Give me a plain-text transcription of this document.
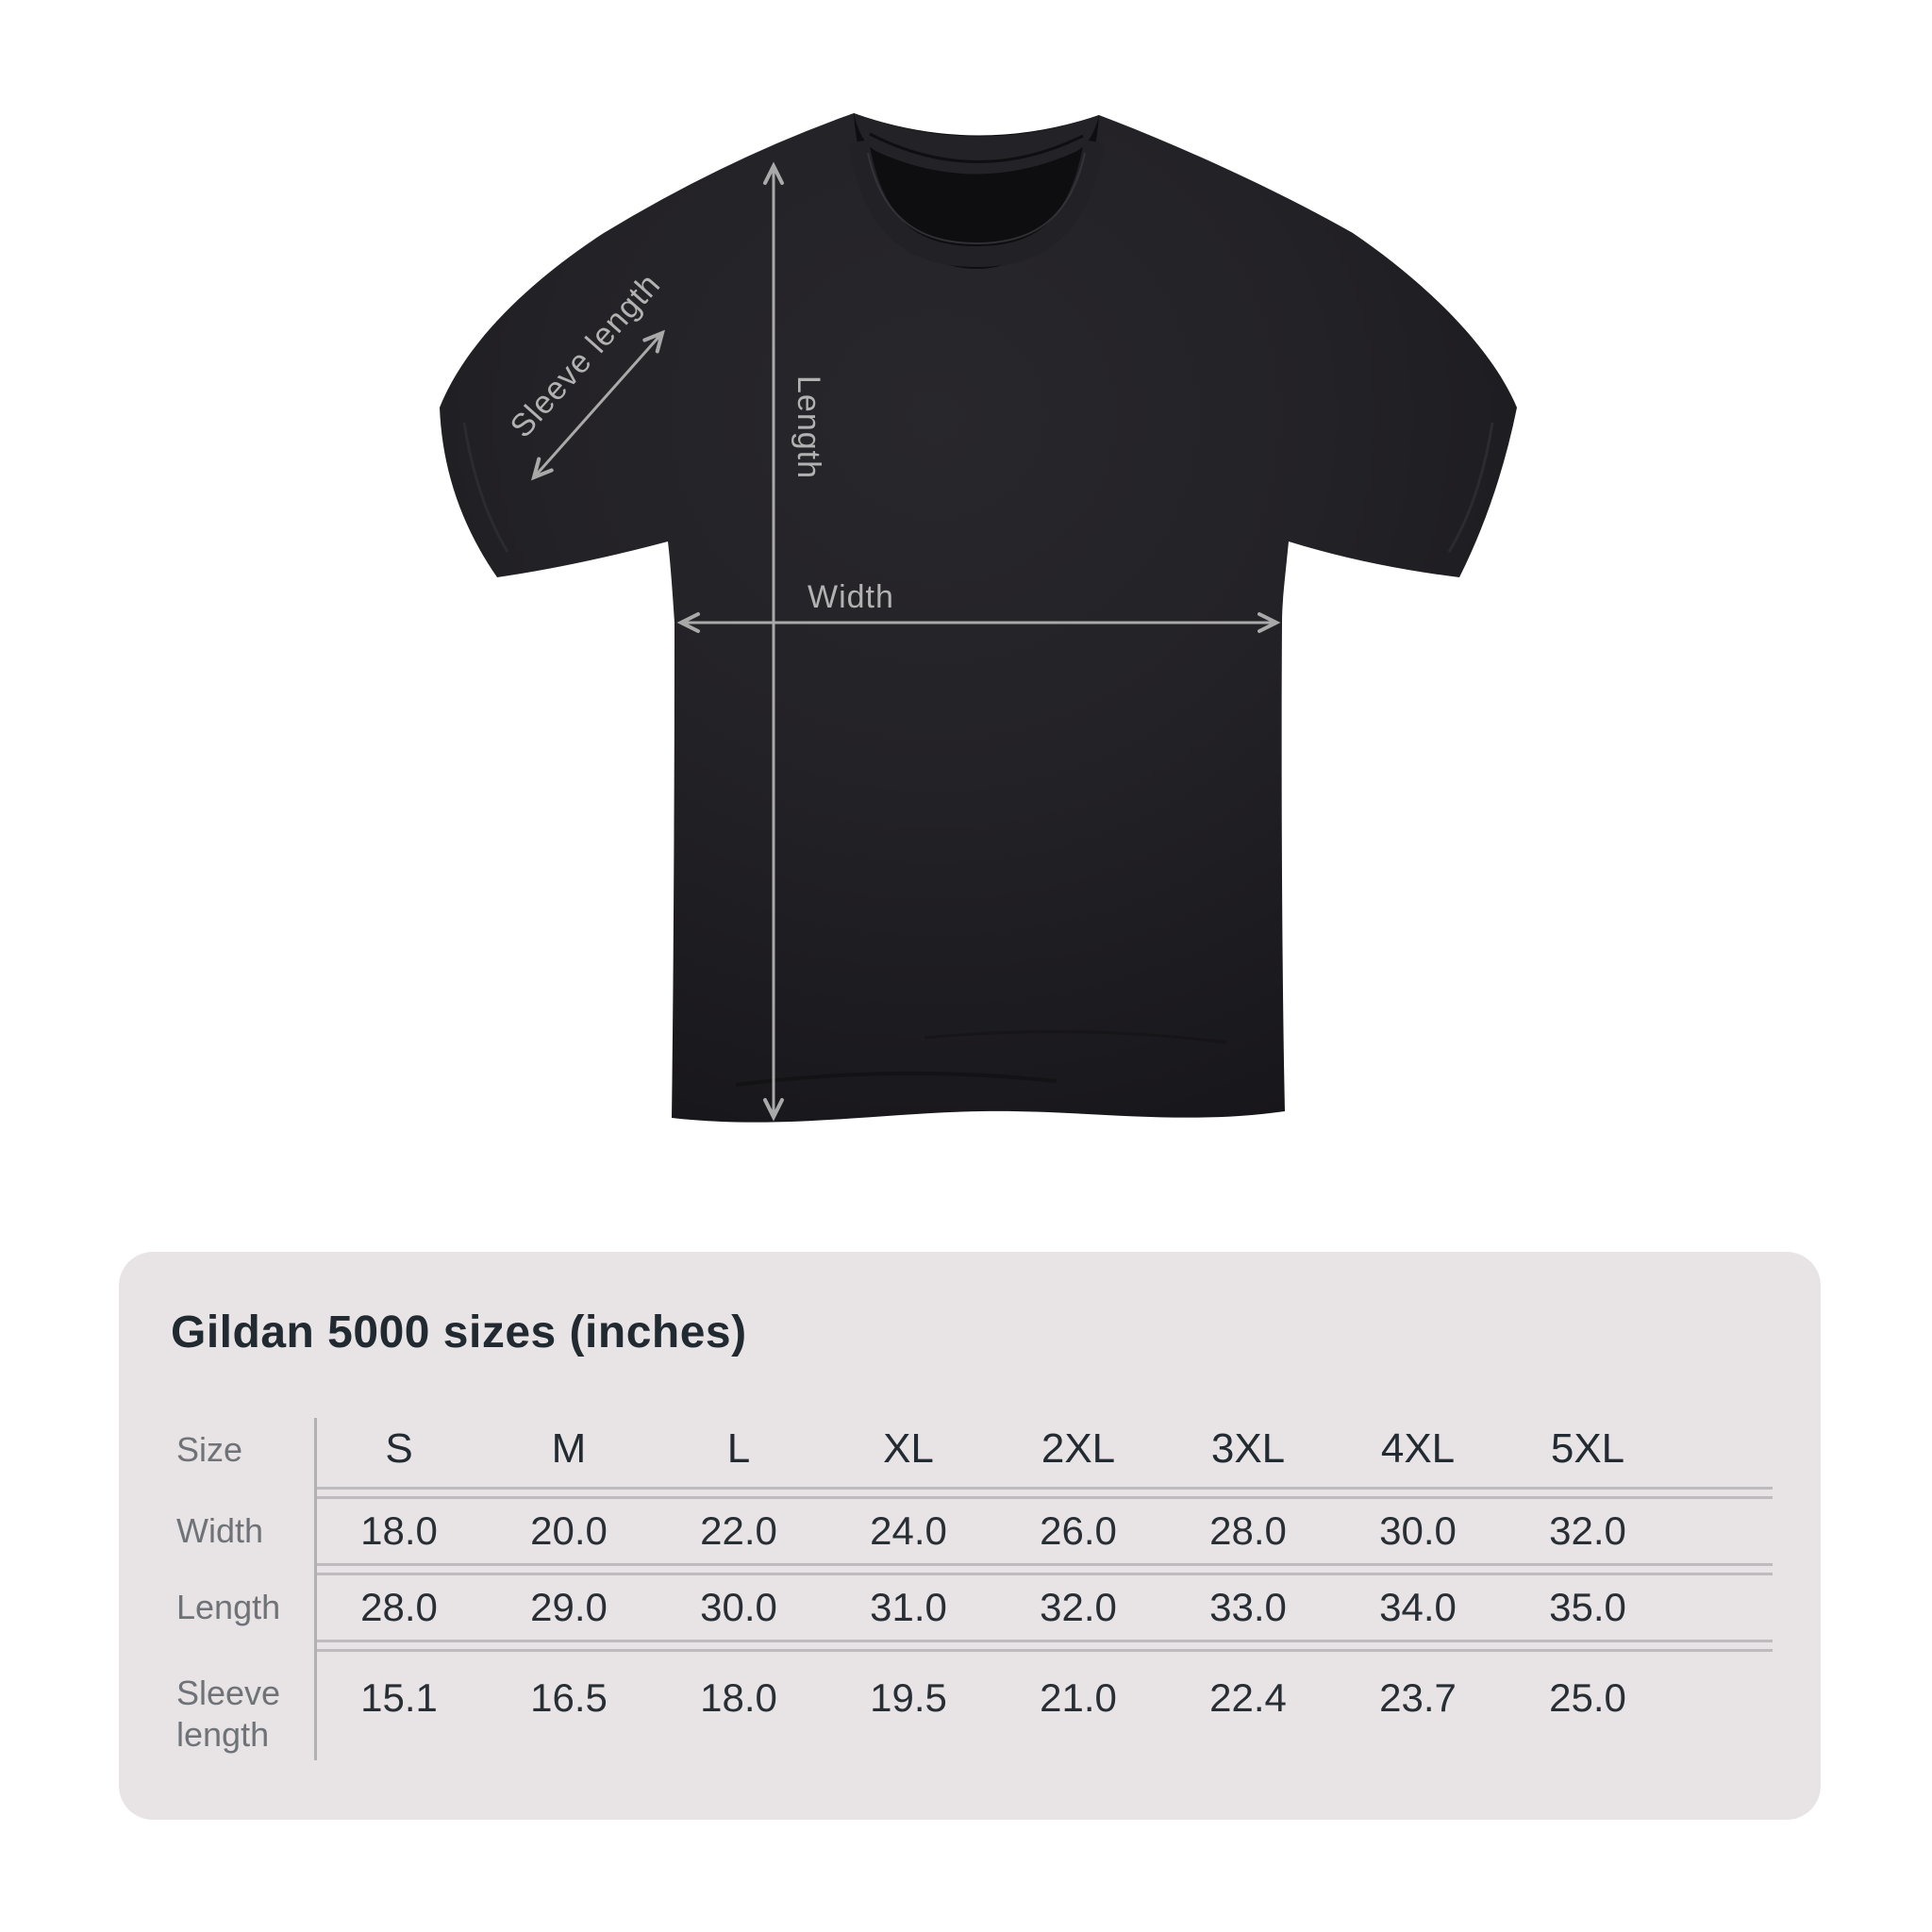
Length
Width
Sleeve length
Gildan 5000 sizes (inches)
Size	S	M	L	XL	2XL	3XL	4XL	5XL	
Width	18.0	20.0	22.0	24.0	26.0	28.0	30.0	32.0	
Length	28.0	29.0	30.0	31.0	32.0	33.0	34.0	35.0	
Sleeve length	15.1	16.5	18.0	19.5	21.0	22.4	23.7	25.0	
